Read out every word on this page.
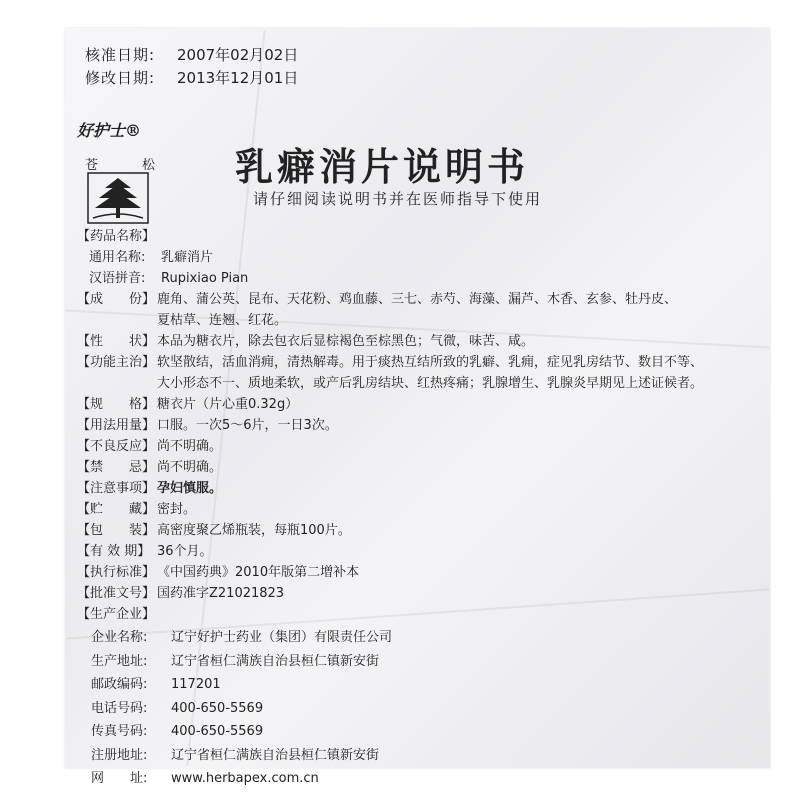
核准日期:	2007年02月02日
修改日期:	2013年12月01日
好护士®
苍	松 乳癖消片说明书
请仔细阅读说明书并在医师指导下使用
【药品名称】
通用名称:	乳癖消片
汉语拼音:	Rupixiao Pian
【成　　份】 鹿角、蒲公英、昆布、天花粉、鸡血藤、三七、赤芍、海藻、漏芦、木香、玄参、牡丹皮、
夏枯草、连翘、红花。
【性　　状】 本品为糖衣片，除去包衣后显棕褐色至棕黑色；气微，味苦、咸。
【功能主治】 软坚散结，活血消痈，清热解毒。用于痰热互结所致的乳癖、乳痈，症见乳房结节、数目不等、
大小形态不一、质地柔软，或产后乳房结块、红热疼痛；乳腺增生、乳腺炎早期见上述证候者。
【规　　格】 糖衣片（片心重0.32g）
【用法用量】 口服。一次5～6片，一日3次。
【不良反应】 尚不明确。
【禁　　忌】 尚不明确。
【注意事项】 孕妇慎服。
【贮　　藏】 密封。
【包　　装】 高密度聚乙烯瓶装，每瓶100片。
【有 效 期】 36个月。
【执行标准】 《中国药典》2010年版第二增补本
【批准文号】 国药准字Z21021823
【生产企业】
企业名称:	辽宁好护士药业（集团）有限责任公司
生产地址:	辽宁省桓仁满族自治县桓仁镇新安街
邮政编码:	117201
电话号码:	400-650-5569
传真号码:	400-650-5569
注册地址:	辽宁省桓仁满族自治县桓仁镇新安街
网　　址:	www.herbapex.com.cn
